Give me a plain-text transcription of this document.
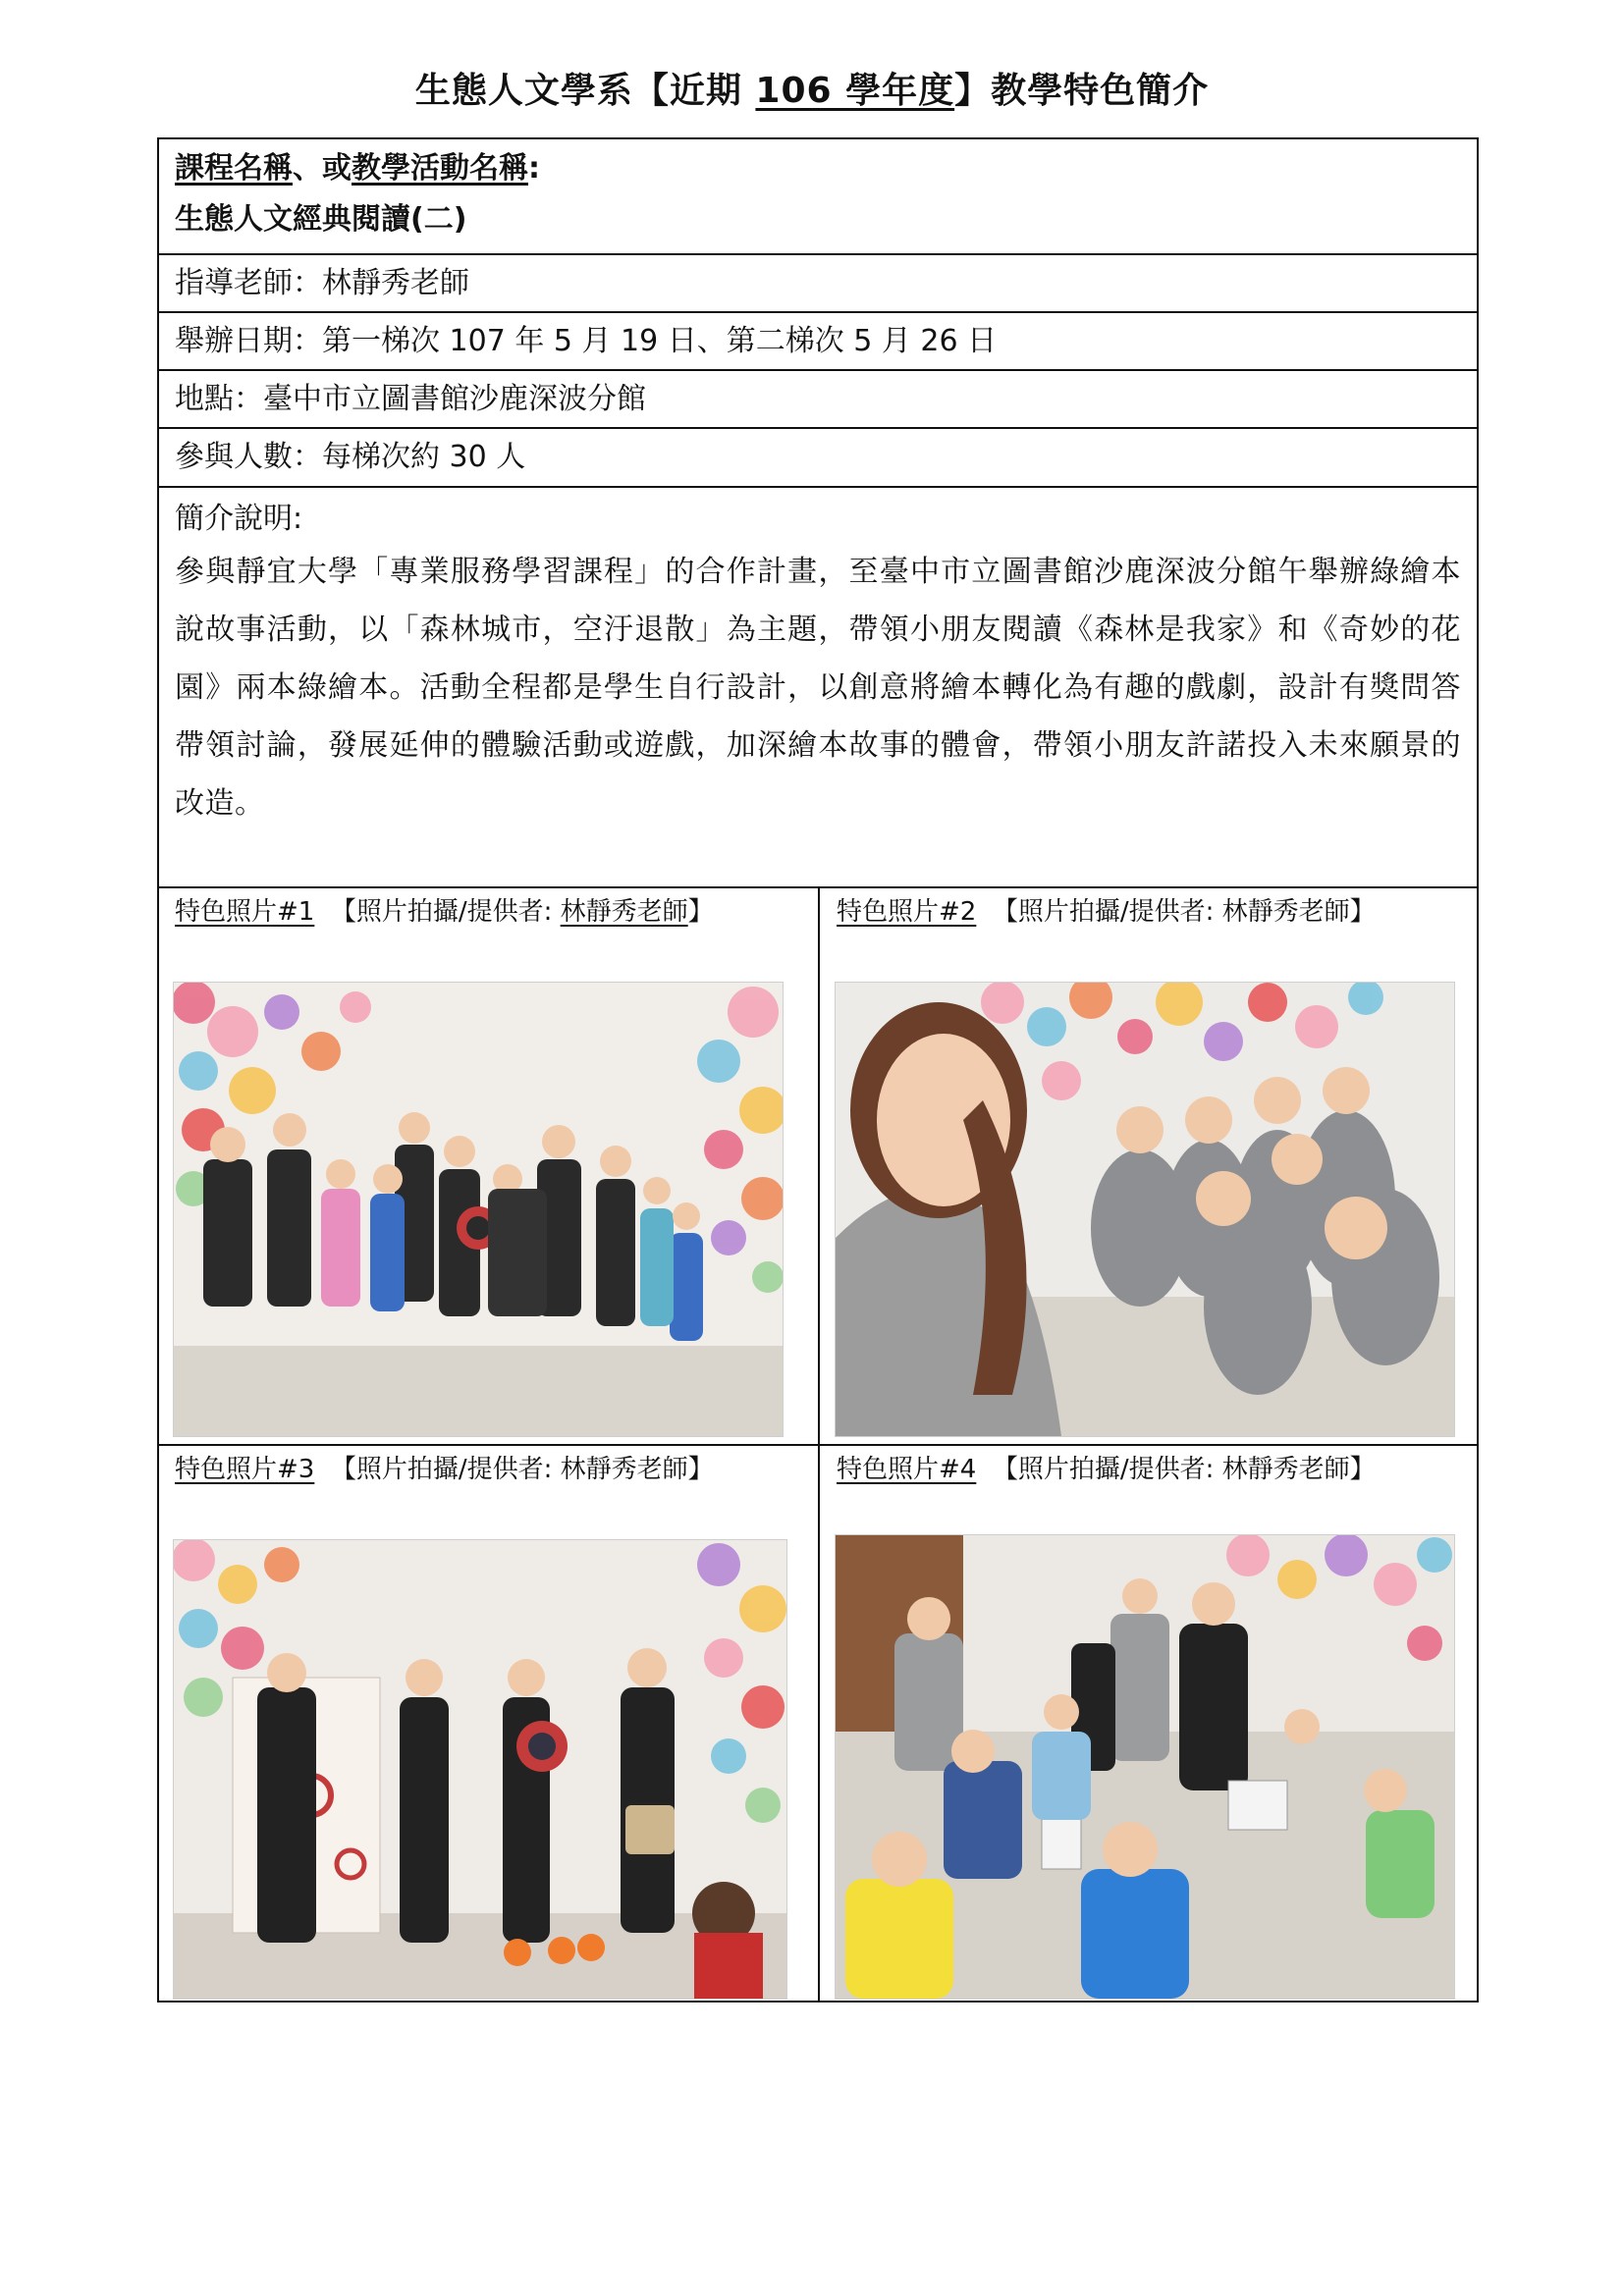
生態人文學系【近期 106 學年度】教學特色簡介
課程名稱、或教學活動名稱:
生態人文經典閱讀(二)
指導老師：林靜秀老師
舉辦日期：第一梯次 107 年 5 月 19 日、第二梯次 5 月 26 日
地點：臺中市立圖書館沙鹿深波分館
參與人數：每梯次約 30 人
簡介說明:
參與靜宜大學「專業服務學習課程」的合作計畫，至臺中市立圖書館沙鹿深波分館午舉辦綠繪本說故事活動，以「森林城市，空汙退散」為主題，帶領小朋友閱讀《森林是我家》和《奇妙的花園》兩本綠繪本。活動全程都是學生自行設計，以創意將繪本轉化為有趣的戲劇，設計有獎問答帶領討論，發展延伸的體驗活動或遊戲，加深繪本故事的體會，帶領小朋友許諾投入未來願景的改造。
特色照片#1 【照片拍攝/提供者: 林靜秀老師】	特色照片#2 【照片拍攝/提供者: 林靜秀老師】
特色照片#3 【照片拍攝/提供者: 林靜秀老師】	特色照片#4 【照片拍攝/提供者: 林靜秀老師】
